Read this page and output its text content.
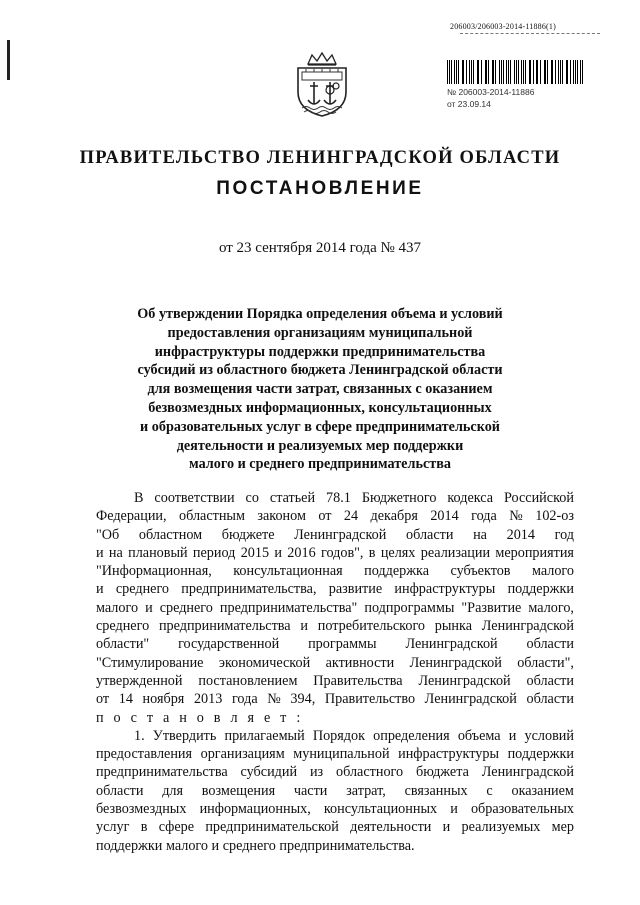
206003/206003-2014-11886(1)
№ 206003-2014-11886
от 23.09.14
ПРАВИТЕЛЬСТВО ЛЕНИНГРАДСКОЙ ОБЛАСТИ
ПОСТАНОВЛЕНИЕ
от 23 сентября 2014 года № 437
Об утверждении Порядка определения объема и условий
предоставления организациям муниципальной
инфраструктуры поддержки предпринимательства
субсидий из областного бюджета Ленинградской области
для возмещения части затрат, связанных с оказанием
безвозмездных информационных, консультационных
и образовательных услуг в сфере предпринимательской
деятельности и реализуемых мер поддержки
малого и среднего предпринимательства
В соответствии со статьей 78.1 Бюджетного кодекса Российской
Федерации, областным законом от 24 декабря 2014 года № 102-оз
"Об областном бюджете Ленинградской области на 2014 год
и на плановый период 2015 и 2016 годов", в целях реализации мероприятия
"Информационная, консультационная поддержка субъектов малого
и среднего предпринимательства, развитие инфраструктуры поддержки
малого и среднего предпринимательства" подпрограммы "Развитие малого,
среднего предпринимательства и потребительского рынка Ленинградской
области" государственной программы Ленинградской области
"Стимулирование экономической активности Ленинградской области",
утвержденной постановлением Правительства Ленинградской области
от 14 ноября 2013 года № 394, Правительство Ленинградской области
п о с т а н о в л я е т :
1. Утвердить прилагаемый Порядок определения объема и условий
предоставления организациям муниципальной инфраструктуры поддержки
предпринимательства субсидий из областного бюджета Ленинградской
области для возмещения части затрат, связанных с оказанием
безвозмездных информационных, консультационных и образовательных
услуг в сфере предпринимательской деятельности и реализуемых мер
поддержки малого и среднего предпринимательства.
